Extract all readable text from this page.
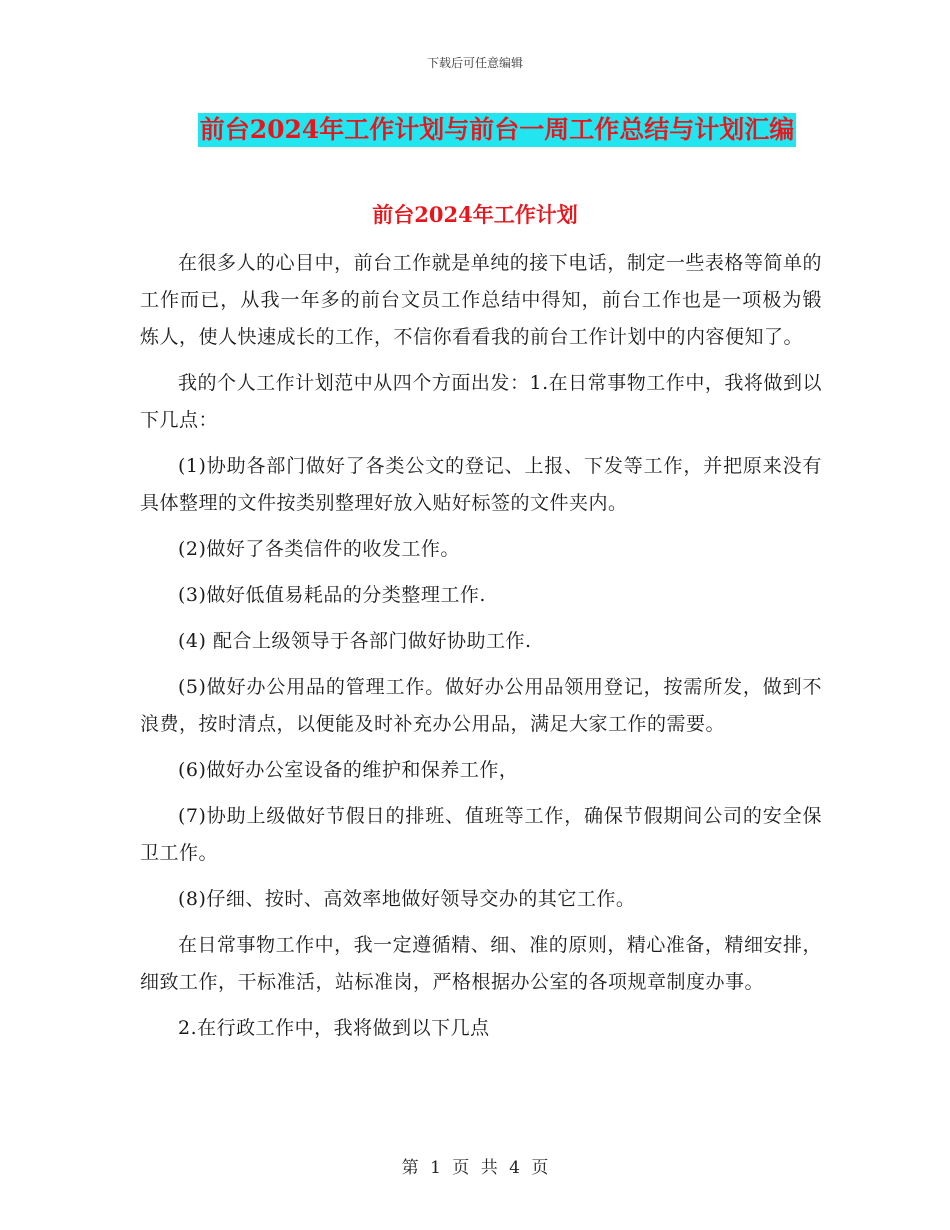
下载后可任意编辑
前台2024年工作计划与前台一周工作总结与计划汇编
前台2024年工作计划

在很多人的心目中，前台工作就是单纯的接下电话，制定一些表格等简单的工作而已，从我一年多的前台文员工作总结中得知，前台工作也是一项极为锻炼人，使人快速成长的工作，不信你看看我的前台工作计划中的内容便知了。

我的个人工作计划范中从四个方面出发：1.在日常事物工作中，我将做到以下几点：

(1)协助各部门做好了各类公文的登记、上报、下发等工作，并把原来没有具体整理的文件按类别整理好放入贴好标签的文件夹内。

(2)做好了各类信件的收发工作。

(3)做好低值易耗品的分类整理工作.

(4) 配合上级领导于各部门做好协助工作.

(5)做好办公用品的管理工作。做好办公用品领用登记，按需所发，做到不浪费，按时清点，以便能及时补充办公用品，满足大家工作的需要。

(6)做好办公室设备的维护和保养工作，

(7)协助上级做好节假日的排班、值班等工作，确保节假期间公司的安全保卫工作。

(8)仔细、按时、高效率地做好领导交办的其它工作。

在日常事物工作中，我一定遵循精、细、准的原则，精心准备，精细安排，细致工作，干标准活，站标准岗，严格根据办公室的各项规章制度办事。

2.在行政工作中，我将做到以下几点

第 1 页 共 4 页
